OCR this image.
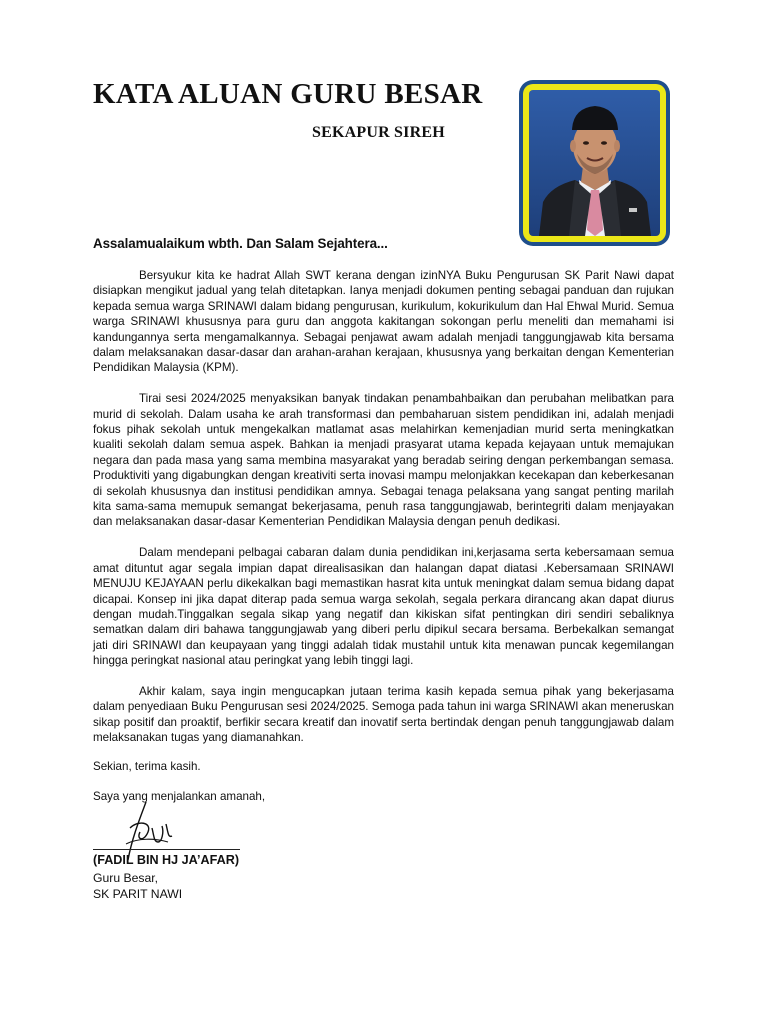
KATA ALUAN GURU BESAR
SEKAPUR SIREH

Assalamualaikum wbth. Dan Salam Sejahtera...

Bersyukur kita ke hadrat Allah SWT kerana dengan izinNYA Buku Pengurusan SK Parit Nawi dapat disiapkan mengikut jadual yang telah ditetapkan. Ianya menjadi dokumen penting sebagai panduan dan rujukan kepada semua warga SRINAWI dalam bidang pengurusan, kurikulum, kokurikulum dan Hal Ehwal Murid. Semua warga SRINAWI khususnya para guru dan anggota kakitangan sokongan perlu meneliti dan memahami isi kandungannya serta mengamalkannya. Sebagai penjawat awam adalah menjadi tanggungjawab kita bersama dalam melaksanakan dasar-dasar dan arahan-arahan kerajaan, khususnya yang berkaitan dengan Kementerian Pendidikan Malaysia (KPM).

Tirai sesi 2024/2025 menyaksikan banyak tindakan penambahbaikan dan perubahan melibatkan para murid di sekolah. Dalam usaha ke arah transformasi dan pembaharuan sistem pendidikan ini, adalah menjadi fokus pihak sekolah untuk mengekalkan matlamat asas melahirkan kemenjadian murid serta meningkatkan kualiti sekolah dalam semua aspek. Bahkan ia menjadi prasyarat utama kepada kejayaan untuk memajukan negara dan pada masa yang sama membina masyarakat yang beradab seiring dengan perkembangan semasa. Produktiviti yang digabungkan dengan kreativiti serta inovasi mampu melonjakkan kecekapan dan keberkesanan di sekolah khususnya dan institusi pendidikan amnya. Sebagai tenaga pelaksana yang sangat penting marilah kita sama-sama memupuk semangat bekerjasama, penuh rasa tanggungjawab, berintegriti dalam menjayakan dan melaksanakan dasar-dasar Kementerian Pendidikan Malaysia dengan penuh dedikasi.

Dalam mendepani pelbagai cabaran dalam dunia pendidikan ini,kerjasama serta kebersamaan semua amat dituntut agar segala impian dapat direalisasikan dan halangan dapat diatasi .Kebersamaan SRINAWI MENUJU KEJAYAAN perlu dikekalkan bagi memastikan hasrat kita untuk meningkat dalam semua bidang dapat dicapai. Konsep ini jika dapat diterap pada semua warga sekolah, segala perkara dirancang akan dapat diurus dengan mudah.Tinggalkan segala sikap yang negatif dan kikiskan sifat pentingkan diri sendiri sebaliknya sematkan dalam diri bahawa tanggungjawab yang diberi perlu dipikul secara bersama. Berbekalkan semangat jati diri SRINAWI dan keupayaan yang tinggi adalah tidak mustahil untuk kita menawan puncak kegemilangan hingga peringkat nasional atau peringkat yang lebih tinggi lagi.

Akhir kalam, saya ingin mengucapkan jutaan terima kasih kepada semua pihak yang bekerjasama dalam penyediaan Buku Pengurusan sesi 2024/2025. Semoga pada tahun ini warga SRINAWI akan meneruskan sikap positif dan proaktif, berfikir secara kreatif dan inovatif serta bertindak dengan penuh tanggungjawab dalam melaksanakan tugas yang diamanahkan.

Sekian, terima kasih.

Saya yang menjalankan amanah,

(FADIL BIN HJ JA’AFAR)

Guru Besar,

SK PARIT NAWI
